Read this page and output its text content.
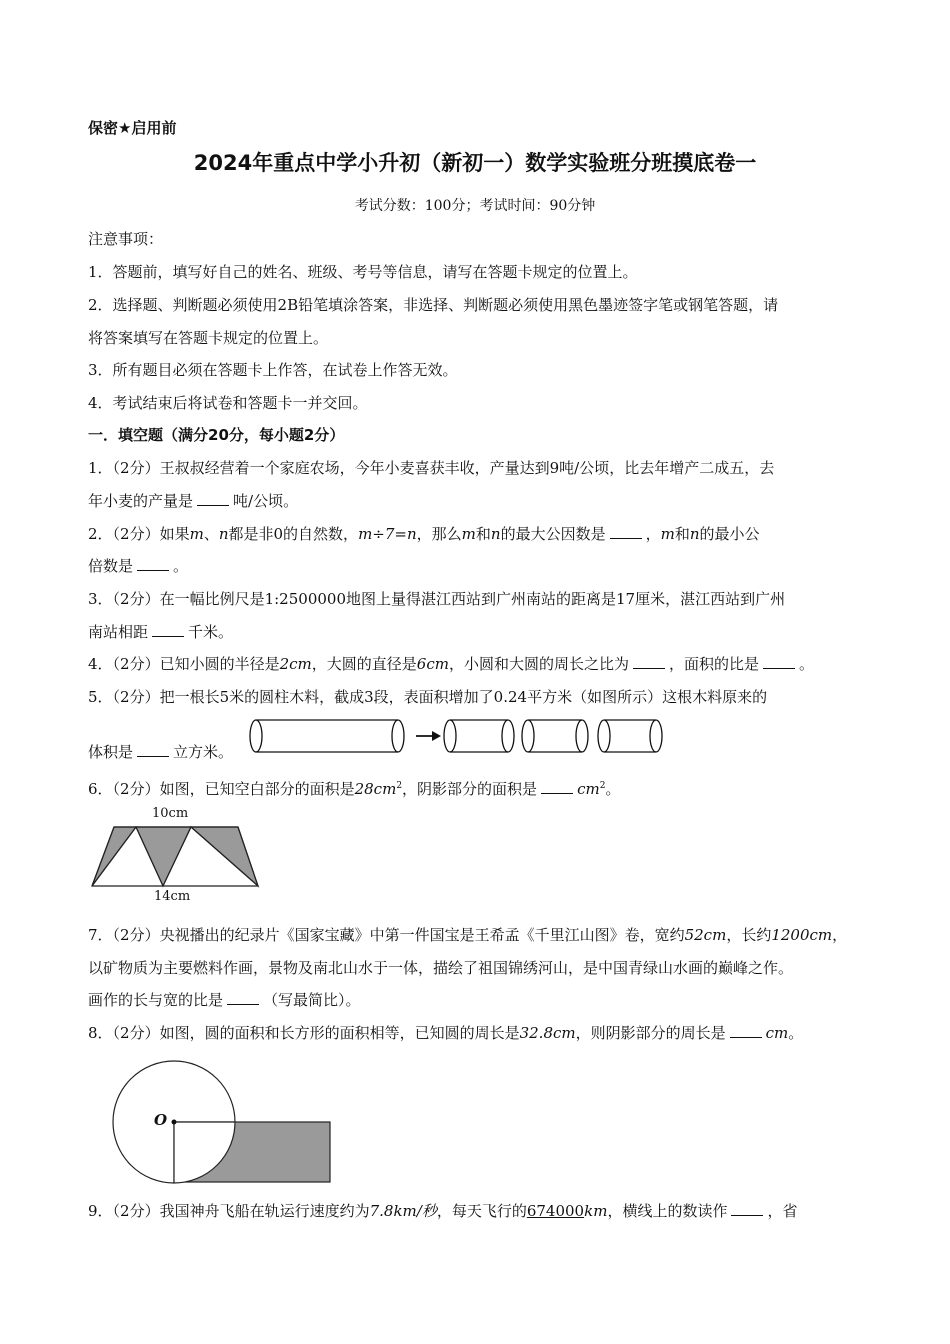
保密★启用前
2024年重点中学小升初（新初一）数学实验班分班摸底卷一
考试分数：100分；考试时间：90分钟
注意事项：
1．答题前，填写好自己的姓名、班级、考号等信息，请写在答题卡规定的位置上。
2．选择题、判断题必须使用2B铅笔填涂答案，非选择、判断题必须使用黑色墨迹签字笔或钢笔答题，请
将答案填写在答题卡规定的位置上。
3．所有题目必须在答题卡上作答，在试卷上作答无效。
4．考试结束后将试卷和答题卡一并交回。
一．填空题（满分20分，每小题2分）
1．（2分）王叔叔经营着一个家庭农场，今年小麦喜获丰收，产量达到9吨/公顷，比去年增产二成五，去
年小麦的产量是	吨/公顷。
2．（2分）如果m、n都是非0的自然数，m÷7=n，那么m和n的最大公因数是	，m和n的最小公
倍数是	。
3．（2分）在一幅比例尺是1:2500000地图上量得湛江西站到广州南站的距离是17厘米，湛江西站到广州
南站相距	千米。
4．（2分）已知小圆的半径是2cm，大圆的直径是6cm，小圆和大圆的周长之比为	，面积的比是	。
5．（2分）把一根长5米的圆柱木料，截成3段，表面积增加了0.24平方米（如图所示）这根木料原来的
体积是	立方米。
6．（2分）如图，已知空白部分的面积是$28cm^2$，阴影部分的面积是	$cm^2$。
10cm
14cm
7．（2分）央视播出的纪录片《国家宝藏》中第一件国宝是王希孟《千里江山图》卷，宽约52cm，长约1200cm，
以矿物质为主要燃料作画，景物及南北山水于一体，描绘了祖国锦绣河山，是中国青绿山水画的巅峰之作。
画作的长与宽的比是	（写最简比）。
8．（2分）如图，圆的面积和长方形的面积相等，已知圆的周长是32.8cm，则阴影部分的周长是	cm。
O
9．（2分）我国神舟飞船在轨运行速度约为7.8km/秒，每天飞行的674000km，横线上的数读作	，省
